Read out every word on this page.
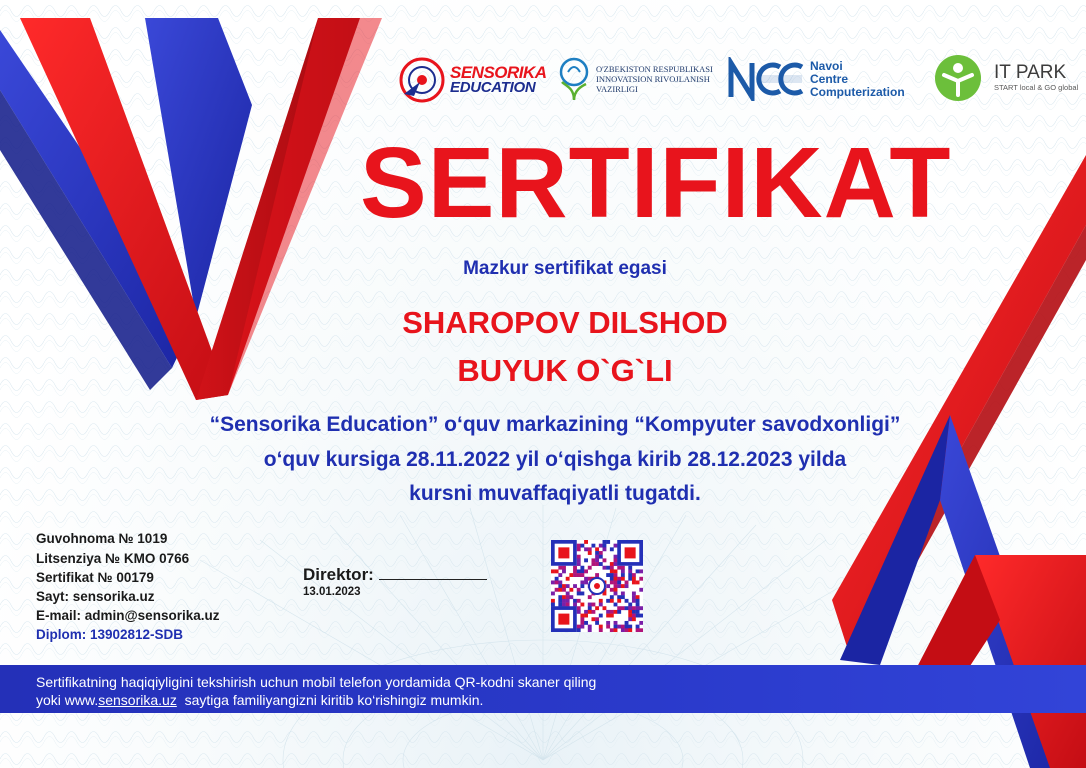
SENSORIKA
EDUCATION
O'ZBEKISTON RESPUBLIKASI INNOVATSION RIVOJLANISH VAZIRLIGI
Navoi
Centre
Computerization
IT PARK
START local & GO global
SERTIFIKAT
Mazkur sertifikat egasi
SHAROPOV DILSHOD
BUYUK O`G`LI
“Sensorika Education” o‘quv markazining “Kompyuter savodxonligi”
o‘quv kursiga 28.11.2022 yil o‘qishga kirib 28.12.2023 yilda
kursni muvaffaqiyatli tugatdi.
Guvohnoma № 1019
Litsenziya № KMO 0766
Sertifikat № 00179
Sayt: sensorika.uz
E-mail: admin@sensorika.uz
Diplom: 13902812-SDB
Direktor:
13.01.2023
Sertifikatning haqiqiyligini tekshirish uchun mobil telefon yordamida QR-kodni skaner qiling
yoki www.sensorika.uz  saytiga familiyangizni kiritib ko‘rishingiz mumkin.
